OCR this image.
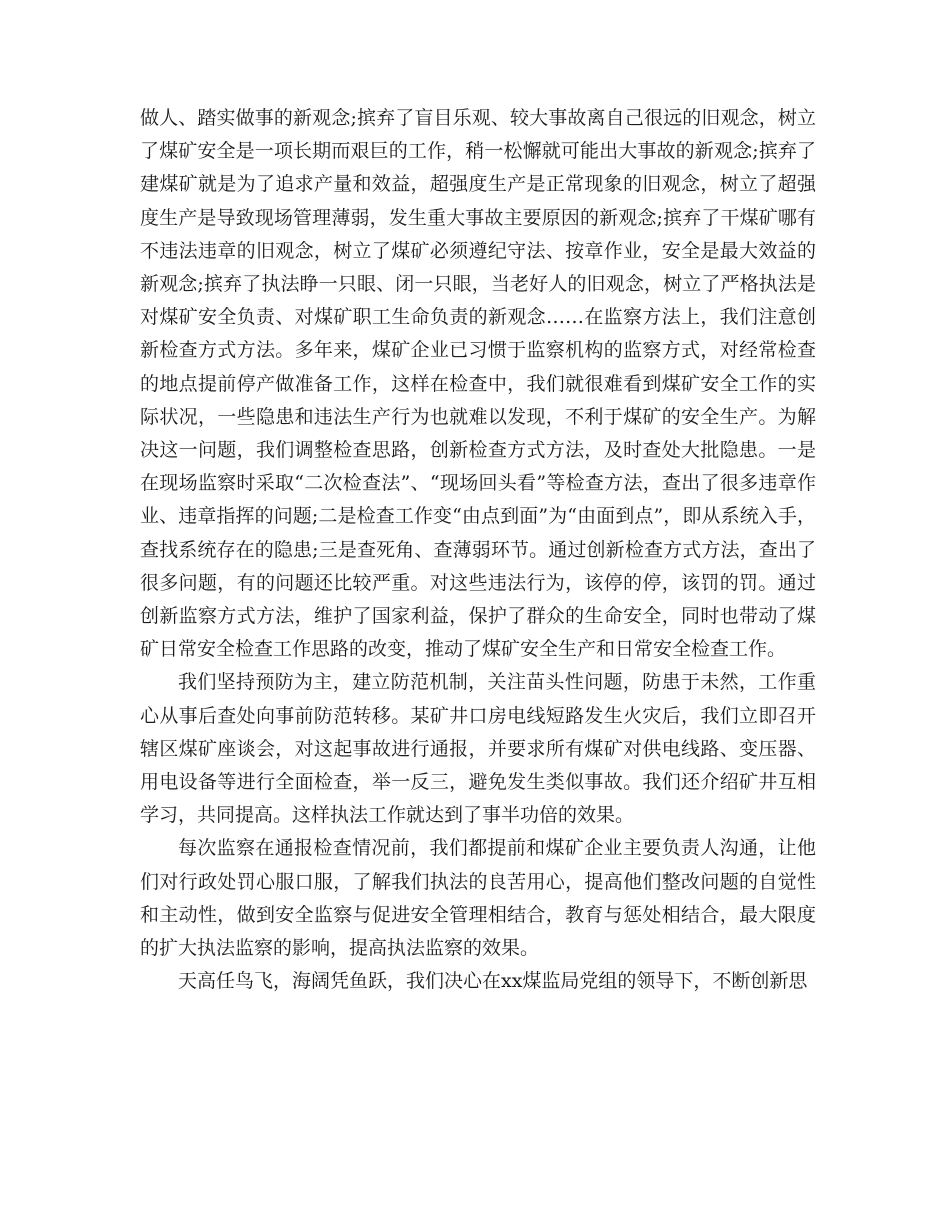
做人、踏实做事的新观念;摈弃了盲目乐观、较大事故离自己很远的旧观念，树立了煤矿安全是一项长期而艰巨的工作，稍一松懈就可能出大事故的新观念;摈弃了建煤矿就是为了追求产量和效益，超强度生产是正常现象的旧观念，树立了超强度生产是导致现场管理薄弱，发生重大事故主要原因的新观念;摈弃了干煤矿哪有不违法违章的旧观念，树立了煤矿必须遵纪守法、按章作业，安全是最大效益的新观念;摈弃了执法睁一只眼、闭一只眼，当老好人的旧观念，树立了严格执法是对煤矿安全负责、对煤矿职工生命负责的新观念……在监察方法上，我们注意创新检查方式方法。多年来，煤矿企业已习惯于监察机构的监察方式，对经常检查的地点提前停产做准备工作，这样在检查中，我们就很难看到煤矿安全工作的实际状况，一些隐患和违法生产行为也就难以发现，不利于煤矿的安全生产。为解决这一问题，我们调整检查思路，创新检查方式方法，及时查处大批隐患。一是在现场监察时采取“二次检查法”、“现场回头看”等检查方法，查出了很多违章作业、违章指挥的问题;二是检查工作变“由点到面”为“由面到点”，即从系统入手，查找系统存在的隐患;三是查死角、查薄弱环节。通过创新检查方式方法，查出了很多问题，有的问题还比较严重。对这些违法行为，该停的停，该罚的罚。通过创新监察方式方法，维护了国家利益，保护了群众的生命安全，同时也带动了煤矿日常安全检查工作思路的改变，推动了煤矿安全生产和日常安全检查工作。

我们坚持预防为主，建立防范机制，关注苗头性问题，防患于未然，工作重心从事后查处向事前防范转移。某矿井口房电线短路发生火灾后，我们立即召开辖区煤矿座谈会，对这起事故进行通报，并要求所有煤矿对供电线路、变压器、用电设备等进行全面检查，举一反三，避免发生类似事故。我们还介绍矿井互相学习，共同提高。这样执法工作就达到了事半功倍的效果。

每次监察在通报检查情况前，我们都提前和煤矿企业主要负责人沟通，让他们对行政处罚心服口服，了解我们执法的良苦用心，提高他们整改问题的自觉性和主动性，做到安全监察与促进安全管理相结合，教育与惩处相结合，最大限度的扩大执法监察的影响，提高执法监察的效果。

天高任鸟飞，海阔凭鱼跃，我们决心在xx煤监局党组的领导下，不断创新思
